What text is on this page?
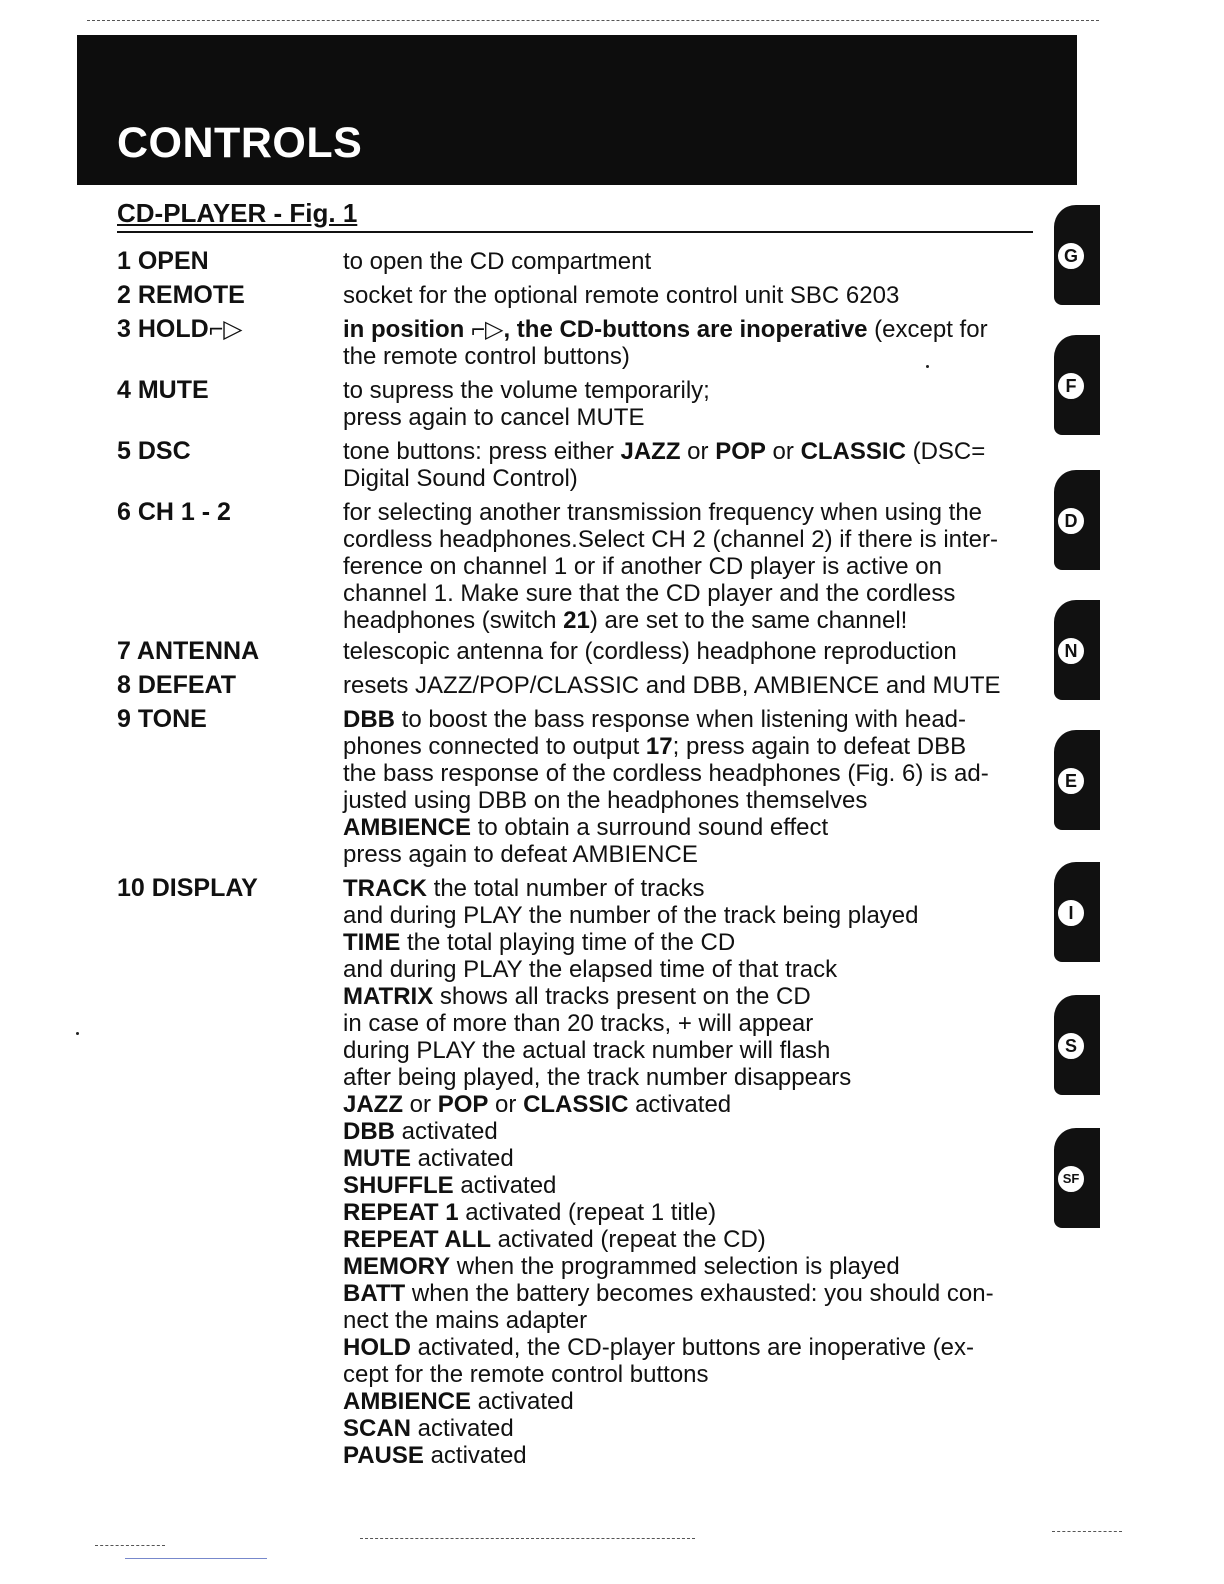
CONTROLS
CD-PLAYER - Fig. 1
1 OPEN	to open the CD compartment
2 REMOTE	socket for the optional remote control unit SBC 6203
3 HOLD⌐▷	in position ⌐▷, the CD-buttons are inoperative (except for
the remote control buttons)
4 MUTE	to supress the volume temporarily;
press again to cancel MUTE
5 DSC	tone buttons: press either JAZZ or POP or CLASSIC (DSC=
Digital Sound Control)
6 CH 1 - 2	for selecting another transmission frequency when using the
cordless headphones.Select CH 2 (channel 2) if there is inter-
ference on channel 1 or if another CD player is active on
channel 1. Make sure that the CD player and the cordless
headphones (switch 21) are set to the same channel!
7 ANTENNA	telescopic antenna for (cordless) headphone reproduction
8 DEFEAT	resets JAZZ/POP/CLASSIC and DBB, AMBIENCE and MUTE
9 TONE	DBB to boost the bass response when listening with head-
phones connected to output 17; press again to defeat DBB
the bass response of the cordless headphones (Fig. 6) is ad-
justed using DBB on the headphones themselves
AMBIENCE to obtain a surround sound effect
press again to defeat AMBIENCE
10 DISPLAY	TRACK the total number of tracks
and during PLAY the number of the track being played
TIME the total playing time of the CD
and during PLAY the elapsed time of that track
MATRIX shows all tracks present on the CD
in case of more than 20 tracks, + will appear
during PLAY the actual track number will flash
after being played, the track number disappears
JAZZ or POP or CLASSIC activated
DBB activated
MUTE activated
SHUFFLE activated
REPEAT 1 activated (repeat 1 title)
REPEAT ALL activated (repeat the CD)
MEMORY when the programmed selection is played
BATT when the battery becomes exhausted: you should con-
nect the mains adapter
HOLD activated, the CD-player buttons are inoperative (ex-
cept for the remote control buttons
AMBIENCE activated
SCAN activated
PAUSE activated
G
F
D
N
E
I
S
SF
